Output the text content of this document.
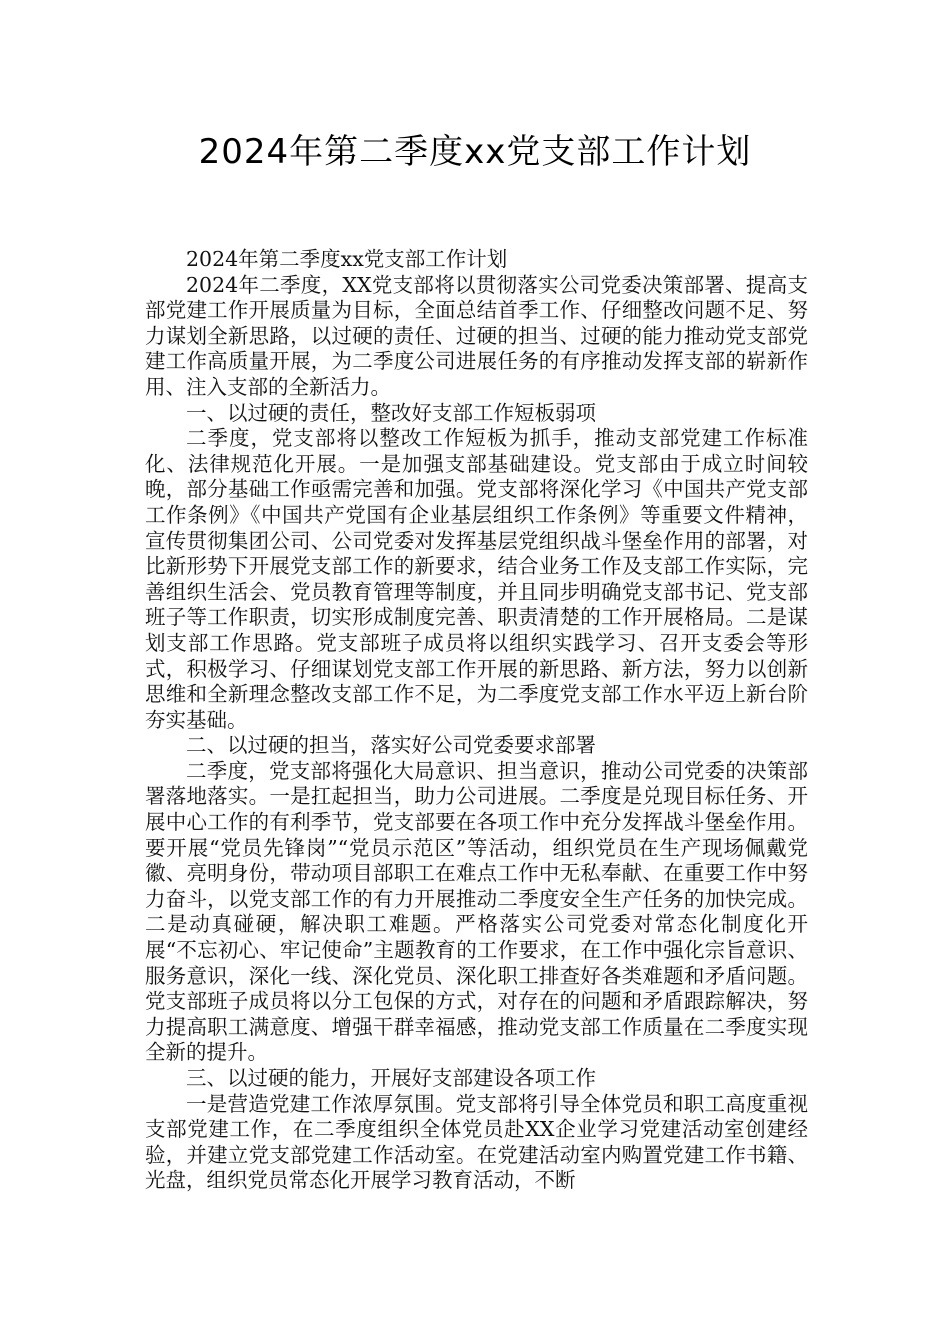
2024年第二季度xx党支部工作计划

2024年第二季度xx党支部工作计划

2024年二季度，XX党支部将以贯彻落实公司党委决策部署、提高支部党建工作开展质量为目标，全面总结首季工作、仔细整改问题不足、努力谋划全新思路，以过硬的责任、过硬的担当、过硬的能力推动党支部党建工作高质量开展，为二季度公司进展任务的有序推动发挥支部的崭新作用、注入支部的全新活力。

一、以过硬的责任，整改好支部工作短板弱项

二季度，党支部将以整改工作短板为抓手，推动支部党建工作标准化、法律规范化开展。一是加强支部基础建设。党支部由于成立时间较晚，部分基础工作亟需完善和加强。党支部将深化学习《中国共产党支部工作条例》《中国共产党国有企业基层组织工作条例》等重要文件精神，宣传贯彻集团公司、公司党委对发挥基层党组织战斗堡垒作用的部署，对比新形势下开展党支部工作的新要求，结合业务工作及支部工作实际，完善组织生活会、党员教育管理等制度，并且同步明确党支部书记、党支部班子等工作职责，切实形成制度完善、职责清楚的工作开展格局。二是谋划支部工作思路。党支部班子成员将以组织实践学习、召开支委会等形式，积极学习、仔细谋划党支部工作开展的新思路、新方法，努力以创新思维和全新理念整改支部工作不足，为二季度党支部工作水平迈上新台阶夯实基础。

二、以过硬的担当，落实好公司党委要求部署

二季度，党支部将强化大局意识、担当意识，推动公司党委的决策部署落地落实。一是扛起担当，助力公司进展。二季度是兑现目标任务、开展中心工作的有利季节，党支部要在各项工作中充分发挥战斗堡垒作用。要开展“党员先锋岗”“党员示范区”等活动，组织党员在生产现场佩戴党徽、亮明身份，带动项目部职工在难点工作中无私奉献、在重要工作中努力奋斗，以党支部工作的有力开展推动二季度安全生产任务的加快完成。二是动真碰硬，解决职工难题。严格落实公司党委对常态化制度化开展“不忘初心、牢记使命”主题教育的工作要求，在工作中强化宗旨意识、服务意识，深化一线、深化党员、深化职工排查好各类难题和矛盾问题。党支部班子成员将以分工包保的方式，对存在的问题和矛盾跟踪解决，努力提高职工满意度、增强干群幸福感，推动党支部工作质量在二季度实现全新的提升。

三、以过硬的能力，开展好支部建设各项工作

一是营造党建工作浓厚氛围。党支部将引导全体党员和职工高度重视支部党建工作，在二季度组织全体党员赴XX企业学习党建活动室创建经验，并建立党支部党建工作活动室。在党建活动室内购置党建工作书籍、光盘，组织党员常态化开展学习教育活动，不断
